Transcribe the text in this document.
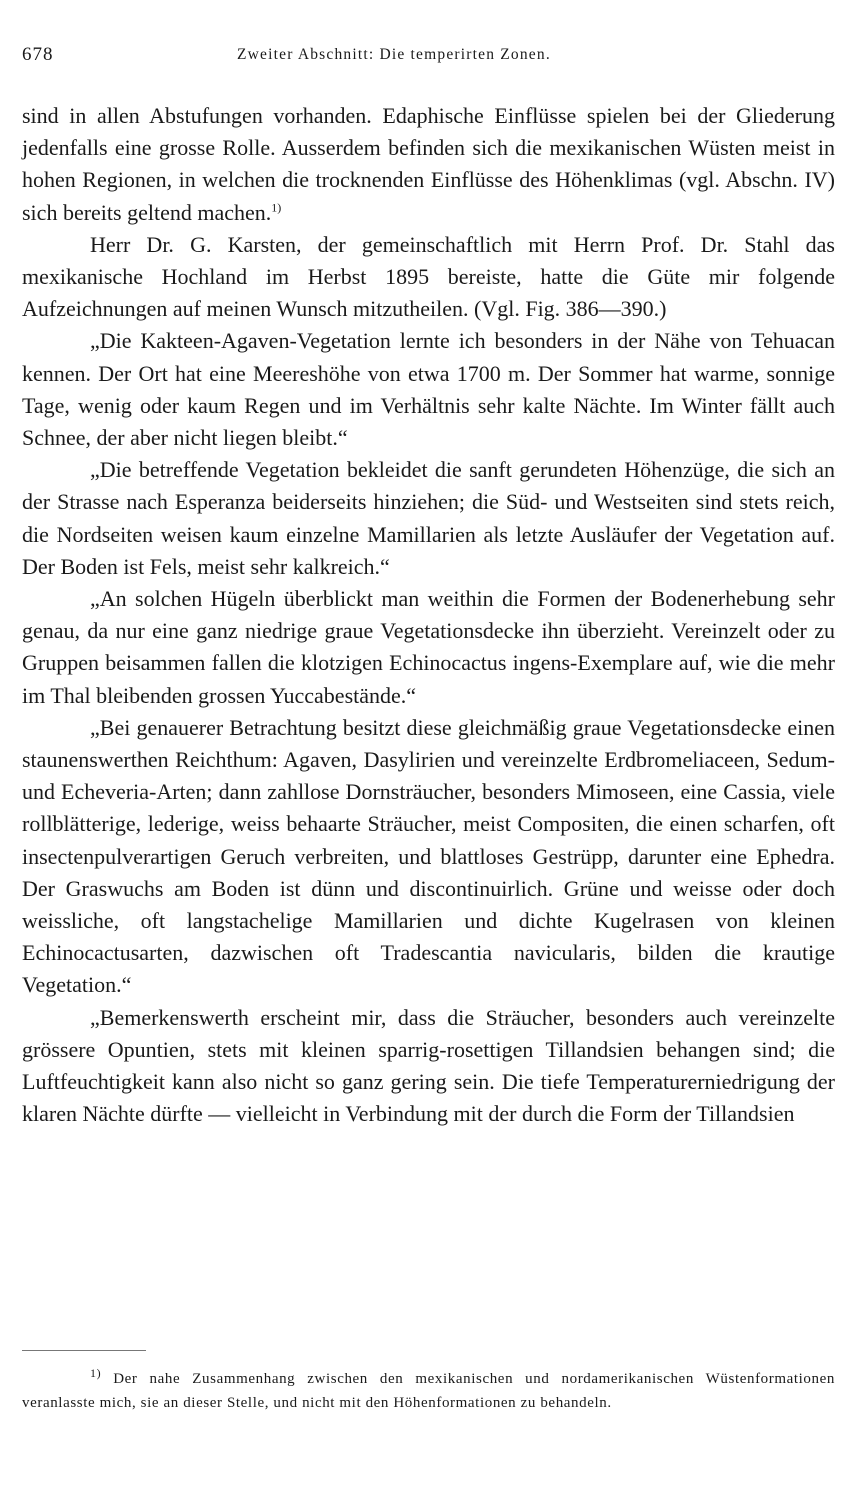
678	Zweiter Abschnitt: Die temperirten Zonen.

sind in allen Abstufungen vorhanden. Edaphische Einflüsse spielen bei der Gliederung jedenfalls eine grosse Rolle. Ausserdem befinden sich die mexikanischen Wüsten meist in hohen Regionen, in welchen die trocknenden Einflüsse des Höhenklimas (vgl. Abschn. IV) sich bereits geltend machen.$^{1)}$

Herr Dr. G. Karsten, der gemeinschaftlich mit Herrn Prof. Dr. Stahl das mexikanische Hochland im Herbst 1895 bereiste, hatte die Güte mir folgende Aufzeichnungen auf meinen Wunsch mitzutheilen. (Vgl. Fig. 386—390.)

„Die Kakteen-Agaven-Vegetation lernte ich besonders in der Nähe von Tehuacan kennen. Der Ort hat eine Meereshöhe von etwa 1700 m. Der Sommer hat warme, sonnige Tage, wenig oder kaum Regen und im Verhältnis sehr kalte Nächte. Im Winter fällt auch Schnee, der aber nicht liegen bleibt.“

„Die betreffende Vegetation bekleidet die sanft gerundeten Höhenzüge, die sich an der Strasse nach Esperanza beiderseits hinziehen; die Süd- und Westseiten sind stets reich, die Nordseiten weisen kaum einzelne Mamillarien als letzte Ausläufer der Vegetation auf. Der Boden ist Fels, meist sehr kalkreich.“

„An solchen Hügeln überblickt man weithin die Formen der Bodenerhebung sehr genau, da nur eine ganz niedrige graue Vegetationsdecke ihn überzieht. Vereinzelt oder zu Gruppen beisammen fallen die klotzigen Echinocactus ingens-Exemplare auf, wie die mehr im Thal bleibenden grossen Yuccabestände.“

„Bei genauerer Betrachtung besitzt diese gleichmäßig graue Vegetationsdecke einen staunenswerthen Reichthum: Agaven, Dasylirien und vereinzelte Erdbromeliaceen, Sedum- und Echeveria-Arten; dann zahllose Dornsträucher, besonders Mimoseen, eine Cassia, viele rollblätterige, lederige, weiss behaarte Sträucher, meist Compositen, die einen scharfen, oft insectenpulverartigen Geruch verbreiten, und blattloses Gestrüpp, darunter eine Ephedra. Der Graswuchs am Boden ist dünn und discontinuirlich. Grüne und weisse oder doch weissliche, oft langstachelige Mamillarien und dichte Kugelrasen von kleinen Echinocactusarten, dazwischen oft Tradescantia navicularis, bilden die krautige Vegetation.“

„Bemerkenswerth erscheint mir, dass die Sträucher, besonders auch vereinzelte grössere Opuntien, stets mit kleinen sparrig-rosettigen Tillandsien behangen sind; die Luftfeuchtigkeit kann also nicht so ganz gering sein. Die tiefe Temperaturerniedrigung der klaren Nächte dürfte — vielleicht in Verbindung mit der durch die Form der Tillandsien

$^{1)}$ Der nahe Zusammenhang zwischen den mexikanischen und nordamerikanischen Wüstenformationen veranlasste mich, sie an dieser Stelle, und nicht mit den Höhenformationen zu behandeln.
